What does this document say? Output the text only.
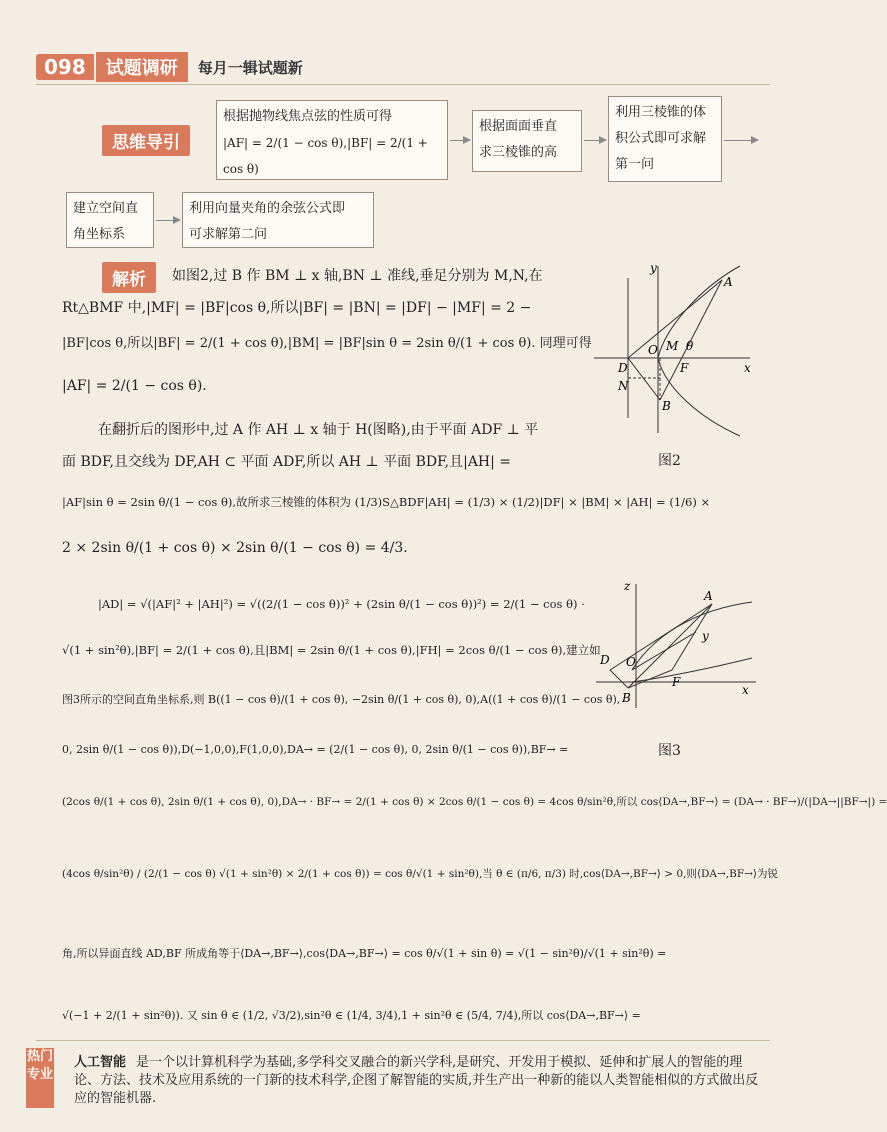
098	试题调研	每月一辑试题新
思维导引
根据抛物线焦点弦的性质可得
|AF| = 2/(1 − cos θ),|BF| = 2/(1 + cos θ)
根据面面垂直
求三棱锥的高
利用三棱锥的体
积公式即可求解
第一问
建立空间直
角坐标系
利用向量夹角的余弦公式即
可求解第二问
解析	如图2,过 B 作 BM ⊥ x 轴,BN ⊥ 准线,垂足分别为 M,N,在
Rt△BMF 中,|MF| = |BF|cos θ,所以|BF| = |BN| = |DF| − |MF| = 2 −
|BF|cos θ,所以|BF| = 2/(1 + cos θ),|BM| = |BF|sin θ = 2sin θ/(1 + cos θ). 同理可得
|AF| = 2/(1 − cos θ).
在翻折后的图形中,过 A 作 AH ⊥ x 轴于 H(图略),由于平面 ADF ⊥ 平
面 BDF,且交线为 DF,AH ⊂ 平面 ADF,所以 AH ⊥ 平面 BDF,且|AH| =
|AF|sin θ = 2sin θ/(1 − cos θ),故所求三棱锥的体积为 (1/3)S△BDF|AH| = (1/3) × (1/2)|DF| × |BM| × |AH| = (1/6) ×
2 × 2sin θ/(1 + cos θ) × 2sin θ/(1 − cos θ) = 4/3.
|AD| = √(|AF|² + |AH|²) = √((2/(1 − cos θ))² + (2sin θ/(1 − cos θ))²) = 2/(1 − cos θ) ·
√(1 + sin²θ),|BF| = 2/(1 + cos θ),且|BM| = 2sin θ/(1 + cos θ),|FH| = 2cos θ/(1 − cos θ),建立如
图3所示的空间直角坐标系,则 B((1 − cos θ)/(1 + cos θ), −2sin θ/(1 + cos θ), 0),A((1 + cos θ)/(1 − cos θ),
0, 2sin θ/(1 − cos θ)),D(−1,0,0),F(1,0,0),DA→ = (2/(1 − cos θ), 0, 2sin θ/(1 − cos θ)),BF→ =
(2cos θ/(1 + cos θ), 2sin θ/(1 + cos θ), 0),DA→ · BF→ = 2/(1 + cos θ) × 2cos θ/(1 − cos θ) = 4cos θ/sin²θ,所以 cos⟨DA→,BF→⟩ = (DA→ · BF→)/(|DA→||BF→|) =
(4cos θ/sin²θ) / (2/(1 − cos θ) √(1 + sin²θ) × 2/(1 + cos θ)) = cos θ/√(1 + sin²θ),当 θ ∈ (π/6, π/3) 时,cos⟨DA→,BF→⟩ > 0,则⟨DA→,BF→⟩为锐
角,所以异面直线 AD,BF 所成角等于⟨DA→,BF→⟩,cos⟨DA→,BF→⟩ = cos θ/√(1 + sin θ) = √(1 − sin²θ)/√(1 + sin²θ) =
√(−1 + 2/(1 + sin²θ)). 又 sin θ ∈ (1/2, √3/2),sin²θ ∈ (1/4, 3/4),1 + sin²θ ∈ (5/4, 7/4),所以 cos⟨DA→,BF→⟩ =
y
x
A
O M θ
D	F
N
B
图2
z
A
y
D O
F
x
B
图3
热门专业
人工智能 是一个以计算机科学为基础,多学科交叉融合的新兴学科,是研究、开发用于模拟、延伸和扩展人的智能的理论、方法、技术及应用系统的一门新的技术科学,企图了解智能的实质,并生产出一种新的能以人类智能相似的方式做出反应的智能机器.
